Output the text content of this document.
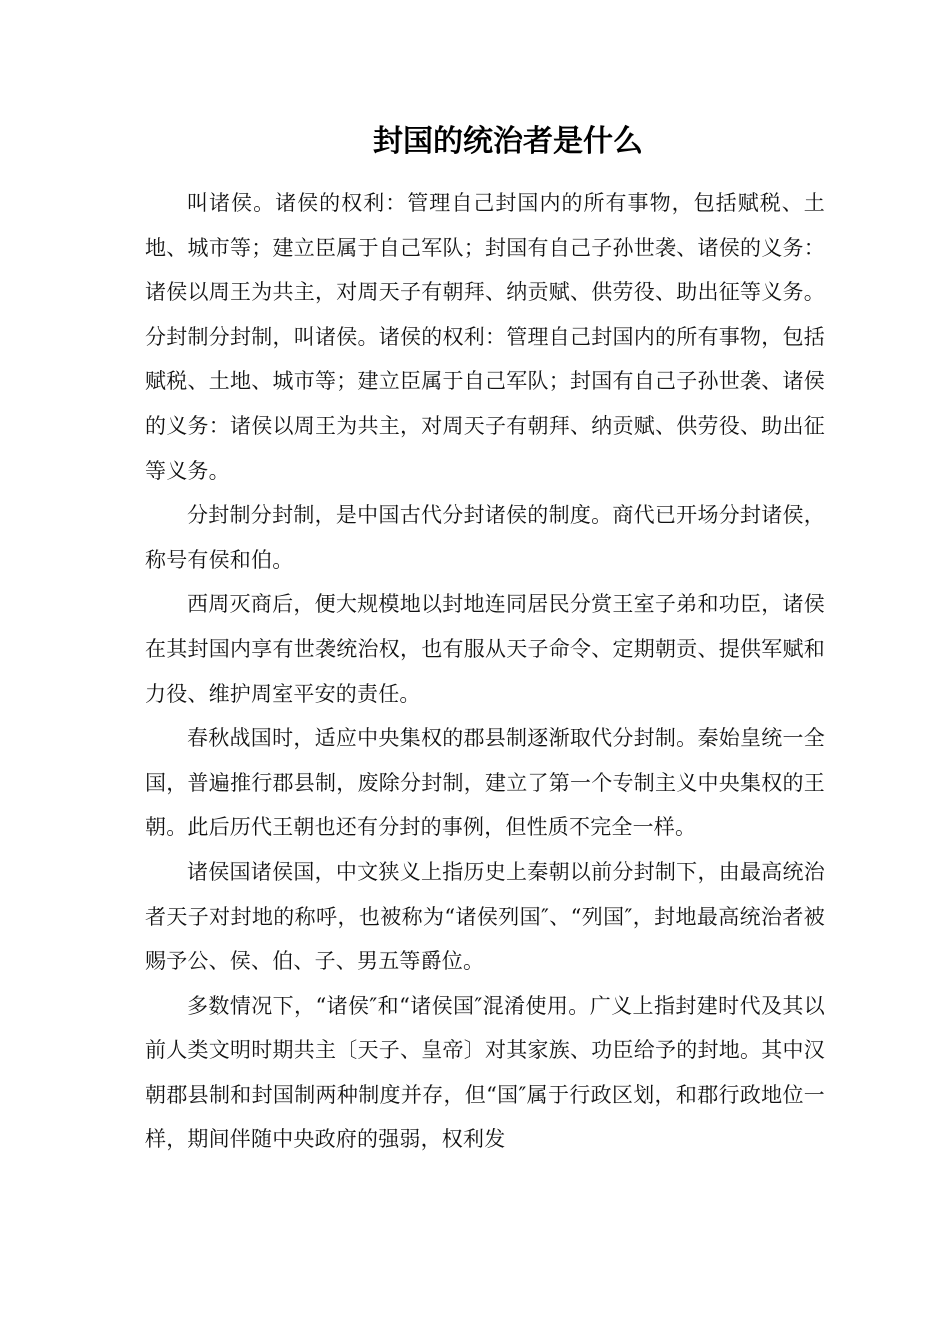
封国的统治者是什么

叫诸侯。诸侯的权利：管理自己封国内的所有事物，包括赋税、土地、城市等；建立臣属于自己军队；封国有自己子孙世袭、诸侯的义务：诸侯以周王为共主，对周天子有朝拜、纳贡赋、供劳役、助出征等义务。分封制分封制，叫诸侯。诸侯的权利：管理自己封国内的所有事物，包括赋税、土地、城市等；建立臣属于自己军队；封国有自己子孙世袭、诸侯的义务：诸侯以周王为共主，对周天子有朝拜、纳贡赋、供劳役、助出征等义务。

分封制分封制，是中国古代分封诸侯的制度。商代已开场分封诸侯，称号有侯和伯。

西周灭商后，便大规模地以封地连同居民分赏王室子弟和功臣，诸侯在其封国内享有世袭统治权，也有服从天子命令、定期朝贡、提供军赋和力役、维护周室平安的责任。

春秋战国时，适应中央集权的郡县制逐渐取代分封制。秦始皇统一全国，普遍推行郡县制，废除分封制，建立了第一个专制主义中央集权的王朝。此后历代王朝也还有分封的事例，但性质不完全一样。

诸侯国诸侯国，中文狭义上指历史上秦朝以前分封制下，由最高统治者天子对封地的称呼，也被称为“诸侯列国″、“列国″，封地最高统治者被赐予公、侯、伯、子、男五等爵位。

多数情况下，“诸侯″和“诸侯国″混淆使用。广义上指封建时代及其以前人类文明时期共主〔天子、皇帝〕对其家族、功臣给予的封地。其中汉朝郡县制和封国制两种制度并存，但“国″属于行政区划，和郡行政地位一样，期间伴随中央政府的强弱，权利发
